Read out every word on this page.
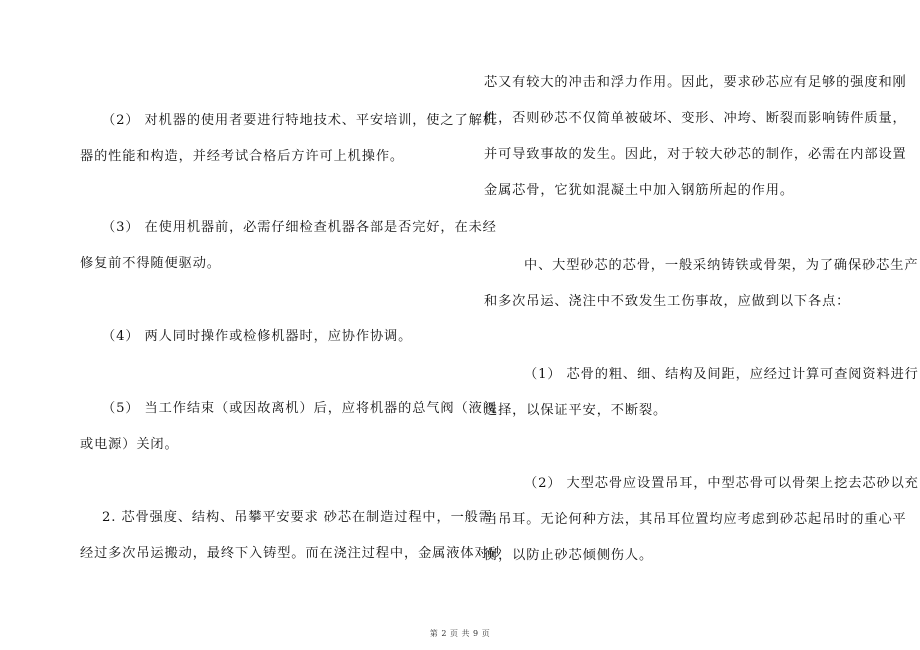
（2） 对机器的使用者要进行特地技术、平安培训，使之了解机
器的性能和构造，并经考试合格后方许可上机操作。
（3） 在使用机器前，必需仔细检查机器各部是否完好，在未经
修复前不得随便驱动。
（4） 两人同时操作或检修机器时，应协作协调。
（5） 当工作结束（或因故离机）后，应将机器的总气阀（液阀
或电源）关闭。
2. 芯骨强度、结构、吊攀平安要求 砂芯在制造过程中，一般需
经过多次吊运搬动，最终下入铸型。而在浇注过程中，金属液体对砂
芯又有较大的冲击和浮力作用。因此，要求砂芯应有足够的强度和刚
性，否则砂芯不仅简单被破坏、变形、冲垮、断裂而影响铸件质量，
并可导致事故的发生。因此，对于较大砂芯的制作，必需在内部设置
金属芯骨，它犹如混凝土中加入钢筋所起的作用。
中、大型砂芯的芯骨，一般采纳铸铁或骨架，为了确保砂芯生产
和多次吊运、浇注中不致发生工伤事故，应做到以下各点：
（1） 芯骨的粗、细、结构及间距，应经过计算可查阅资料进行
选择，以保证平安，不断裂。
（2） 大型芯骨应设置吊耳，中型芯骨可以骨架上挖去芯砂以充
当吊耳。无论何种方法，其吊耳位置均应考虑到砂芯起吊时的重心平
衡，以防止砂芯倾侧伤人。
第 2 页 共 9 页
